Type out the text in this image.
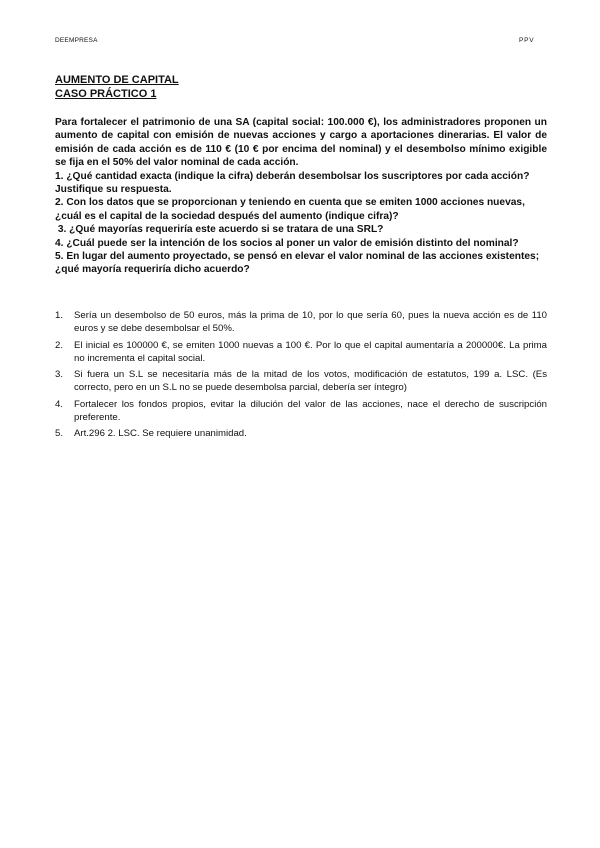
DEEMPRESA	PPV
AUMENTO DE CAPITAL
CASO PRÁCTICO 1

Para fortalecer el patrimonio de una SA (capital social: 100.000 €), los administradores proponen un aumento de capital con emisión de nuevas acciones y cargo a aportaciones dinerarias. El valor de emisión de cada acción es de 110 € (10 € por encima del nominal) y el desembolso mínimo exigible se fija en el 50% del valor nominal de cada acción.

1. ¿Qué cantidad exacta (indique la cifra) deberán desembolsar los suscriptores por cada acción? Justifique su respuesta.

2. Con los datos que se proporcionan y teniendo en cuenta que se emiten 1000 acciones nuevas, ¿cuál es el capital de la sociedad después del aumento (indique cifra)?

3. ¿Qué mayorías requeriría este acuerdo si se tratara de una SRL?

4. ¿Cuál puede ser la intención de los socios al poner un valor de emisión distinto del nominal?

5. En lugar del aumento proyectado, se pensó en elevar el valor nominal de las acciones existentes; ¿qué mayoría requeriría dicho acuerdo?

1. Sería un desembolso de 50 euros, más la prima de 10, por lo que sería 60, pues la nueva acción es de 110 euros y se debe desembolsar el 50%.
2. El inicial es 100000 €, se emiten 1000 nuevas a 100 €. Por lo que el capital aumentaría a 200000€. La prima no incrementa el capital social.
3. Si fuera un S.L se necesitaría más de la mitad de los votos, modificación de estatutos, 199 a. LSC. (Es correcto, pero en un S.L no se puede desembolsa parcial, debería ser íntegro)
4. Fortalecer los fondos propios, evitar la dilución del valor de las acciones, nace el derecho de suscripción preferente.
5. Art.296 2. LSC. Se requiere unanimidad.
